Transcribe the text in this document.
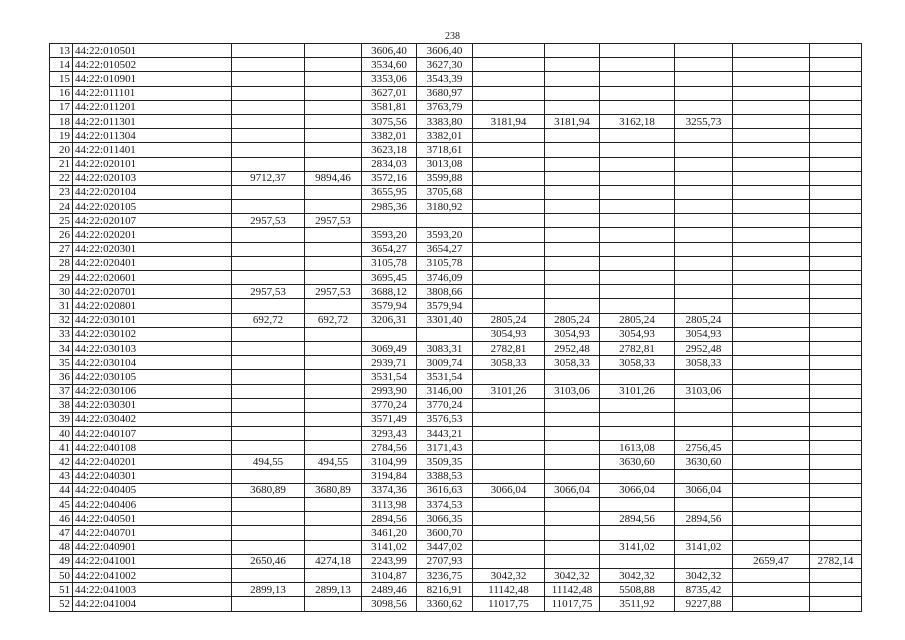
238
13	44:22:010501			3606,40	3606,40						
14	44:22:010502			3534,60	3627,30						
15	44:22:010901			3353,06	3543,39						
16	44:22:011101			3627,01	3680,97						
17	44:22:011201			3581,81	3763,79						
18	44:22:011301			3075,56	3383,80	3181,94	3181,94	3162,18	3255,73		
19	44:22:011304			3382,01	3382,01						
20	44:22:011401			3623,18	3718,61						
21	44:22:020101			2834,03	3013,08						
22	44:22:020103	9712,37	9894,46	3572,16	3599,88						
23	44:22:020104			3655,95	3705,68						
24	44:22:020105			2985,36	3180,92						
25	44:22:020107	2957,53	2957,53								
26	44:22:020201			3593,20	3593,20						
27	44:22:020301			3654,27	3654,27						
28	44:22:020401			3105,78	3105,78						
29	44:22:020601			3695,45	3746,09						
30	44:22:020701	2957,53	2957,53	3688,12	3808,66						
31	44:22:020801			3579,94	3579,94						
32	44:22:030101	692,72	692,72	3206,31	3301,40	2805,24	2805,24	2805,24	2805,24		
33	44:22:030102					3054,93	3054,93	3054,93	3054,93		
34	44:22:030103			3069,49	3083,31	2782,81	2952,48	2782,81	2952,48		
35	44:22:030104			2939,71	3009,74	3058,33	3058,33	3058,33	3058,33		
36	44:22:030105			3531,54	3531,54						
37	44:22:030106			2993,90	3146,00	3101,26	3103,06	3101,26	3103,06		
38	44:22:030301			3770,24	3770,24						
39	44:22:030402			3571,49	3576,53						
40	44:22:040107			3293,43	3443,21						
41	44:22:040108			2784,56	3171,43			1613,08	2756,45		
42	44:22:040201	494,55	494,55	3104,99	3509,35			3630,60	3630,60		
43	44:22:040301			3194,84	3388,53						
44	44:22:040405	3680,89	3680,89	3374,36	3616,63	3066,04	3066,04	3066,04	3066,04		
45	44:22:040406			3113,98	3374,53						
46	44:22:040501			2894,56	3066,35			2894,56	2894,56		
47	44:22:040701			3461,20	3600,70						
48	44:22:040901			3141,02	3447,02			3141,02	3141,02		
49	44:22:041001	2650,46	4274,18	2243,99	2707,93					2659,47	2782,14
50	44:22:041002			3104,87	3236,75	3042,32	3042,32	3042,32	3042,32		
51	44:22:041003	2899,13	2899,13	2489,46	8216,91	11142,48	11142,48	5508,88	8735,42		
52	44:22:041004			3098,56	3360,62	11017,75	11017,75	3511,92	9227,88		
